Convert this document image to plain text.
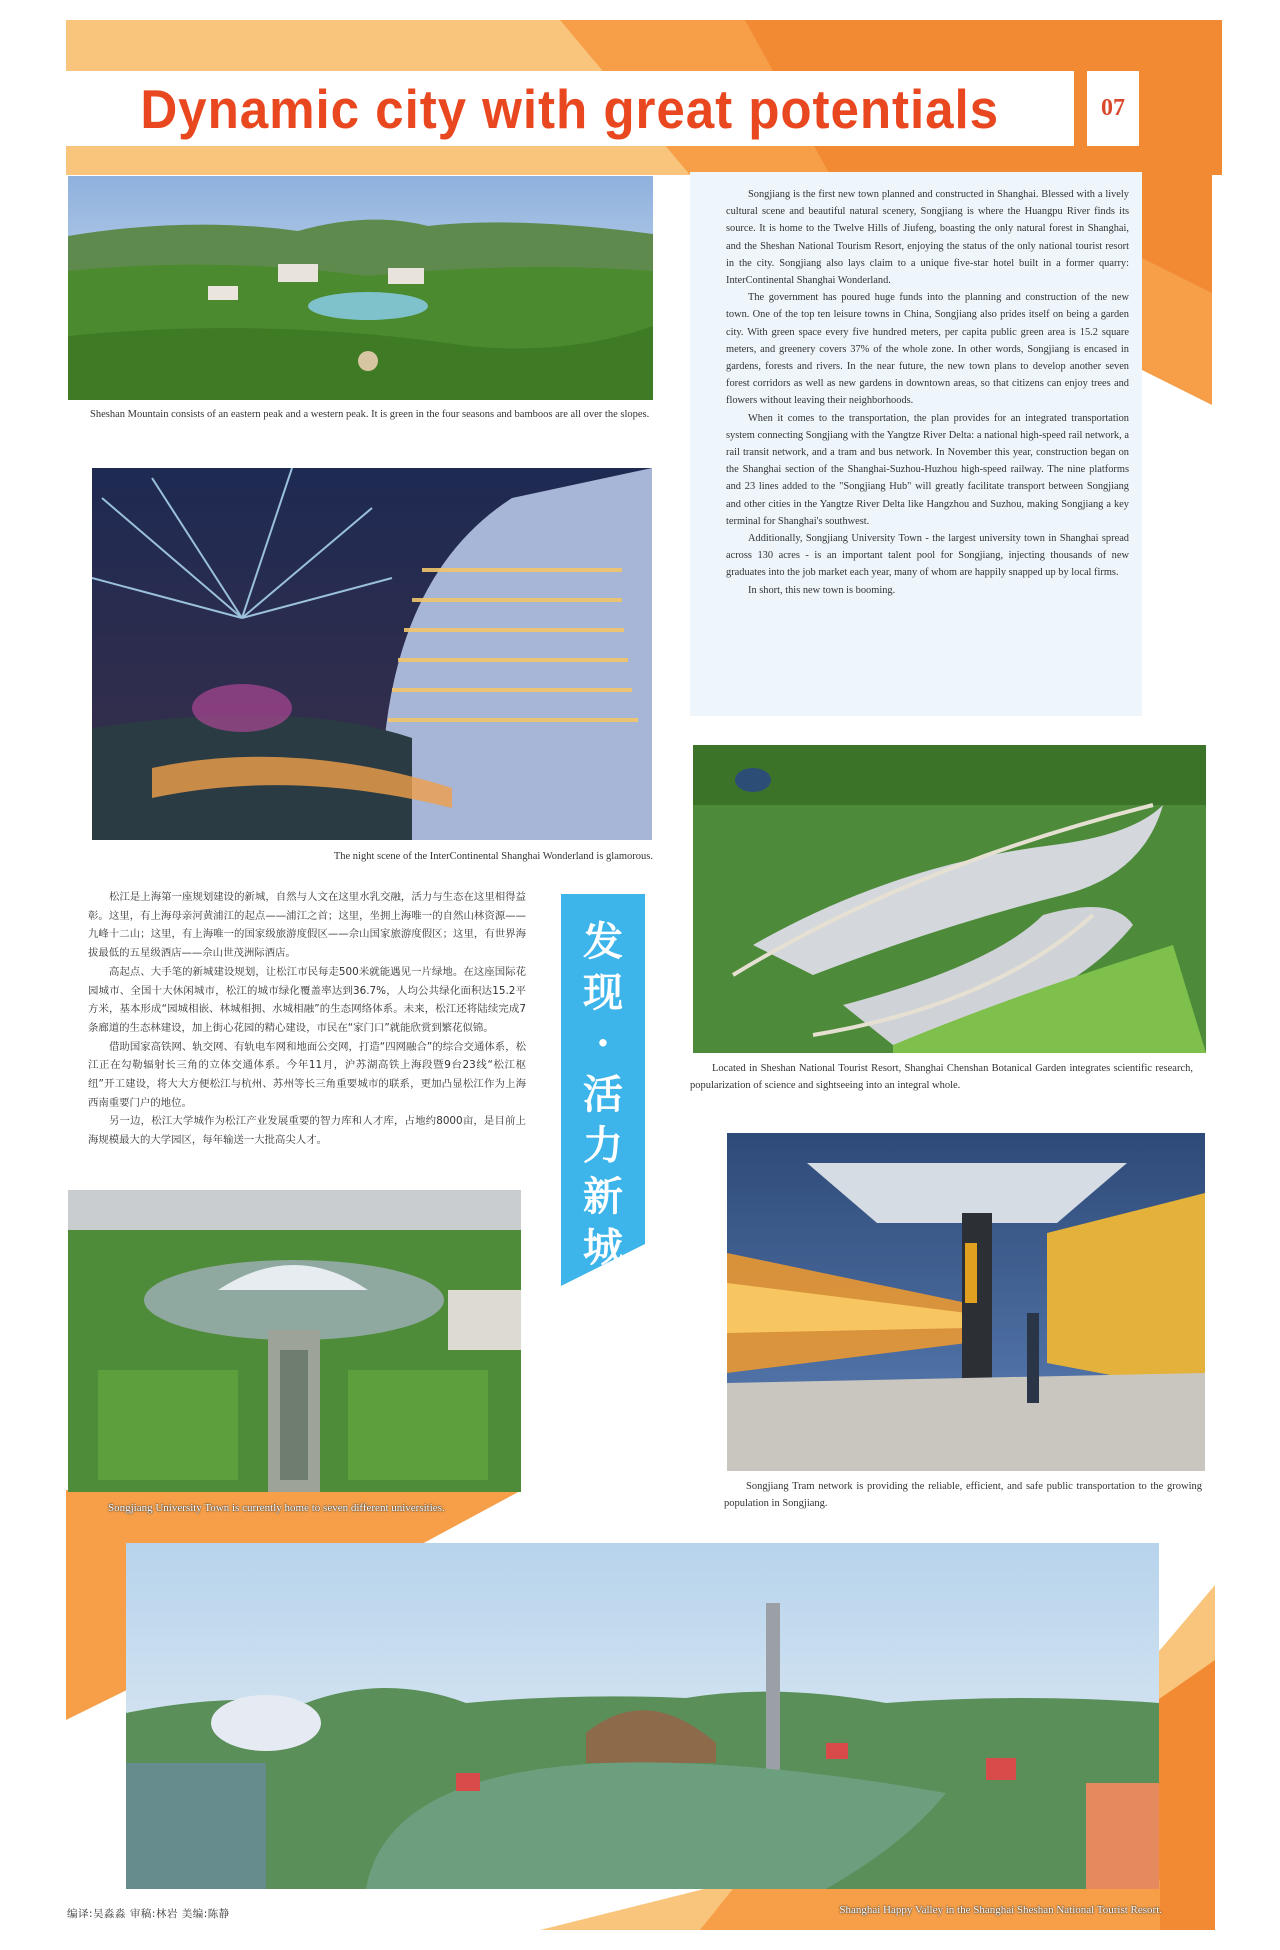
Dynamic city with great potentials	07
Sheshan Mountain consists of an eastern peak and a western peak. It is green in the four seasons and bamboos are all over the slopes.
The night scene of the InterContinental Shanghai Wonderland is glamorous.

Songjiang is the first new town planned and constructed in Shanghai. Blessed with a lively cultural scene and beautiful natural scenery, Songjiang is where the Huangpu River finds its source. It is home to the Twelve Hills of Jiufeng, boasting the only natural forest in Shanghai, and the Sheshan National Tourism Resort, enjoying the status of the only national tourist resort in the city. Songjiang also lays claim to a unique five-star hotel built in a former quarry: InterContinental Shanghai Wonderland.

The government has poured huge funds into the planning and construction of the new town. One of the top ten leisure towns in China, Songjiang also prides itself on being a garden city. With green space every five hundred meters, per capita public green area is 15.2 square meters, and greenery covers 37% of the whole zone. In other words, Songjiang is encased in gardens, forests and rivers. In the near future, the new town plans to develop another seven forest corridors as well as new gardens in downtown areas, so that citizens can enjoy trees and flowers without leaving their neighborhoods.

When it comes to the transportation, the plan provides for an integrated transportation system connecting Songjiang with the Yangtze River Delta: a national high-speed rail network, a rail transit network, and a tram and bus network. In November this year, construction began on the Shanghai section of the Shanghai-Suzhou-Huzhou high-speed railway. The nine platforms and 23 lines added to the "Songjiang Hub" will greatly facilitate transport between Songjiang and other cities in the Yangtze River Delta like Hangzhou and Suzhou, making Songjiang a key terminal for Shanghai's southwest.

Additionally, Songjiang University Town - the largest university town in Shanghai spread across 130 acres - is an important talent pool for Songjiang, injecting thousands of new graduates into the job market each year, many of whom are happily snapped up by local firms.

In short, this new town is booming.

Located in Sheshan National Tourist Resort, Shanghai Chenshan Botanical Garden integrates scientific research, popularization of science and sightseeing into an integral whole.

松江是上海第一座规划建设的新城，自然与人文在这里水乳交融，活力与生态在这里相得益彰。这里，有上海母亲河黄浦江的起点——浦江之首；这里，坐拥上海唯一的自然山林资源——九峰十二山；这里，有上海唯一的国家级旅游度假区——佘山国家旅游度假区；这里，有世界海拔最低的五星级酒店——佘山世茂洲际酒店。

高起点、大手笔的新城建设规划，让松江市民每走500米就能遇见一片绿地。在这座国际花园城市、全国十大休闲城市，松江的城市绿化覆盖率达到36.7%，人均公共绿化面积达15.2平方米，基本形成“园城相嵌、林城相拥、水城相融”的生态网络体系。未来，松江还将陆续完成7条廊道的生态林建设，加上街心花园的精心建设，市民在“家门口”就能欣赏到繁花似锦。

借助国家高铁网、轨交网、有轨电车网和地面公交网，打造“四网融合”的综合交通体系，松江正在勾勒辐射长三角的立体交通体系。今年11月，沪苏湖高铁上海段暨9台23线“松江枢纽”开工建设，将大大方便松江与杭州、苏州等长三角重要城市的联系，更加凸显松江作为上海西南重要门户的地位。

另一边，松江大学城作为松江产业发展重要的智力库和人才库，占地约8000亩，是目前上海规模最大的大学园区，每年输送一大批高尖人才。

发
现
·
活
力
新
城
Songjiang University Town is currently home to seven different universities.
Songjiang Tram network is providing the reliable, efficient, and safe public transportation to the growing population in Songjiang.
Shanghai Happy Valley in the Shanghai Sheshan National Tourist Resort.
编译:吴淼淼 审稿:林岩 美编:陈静
